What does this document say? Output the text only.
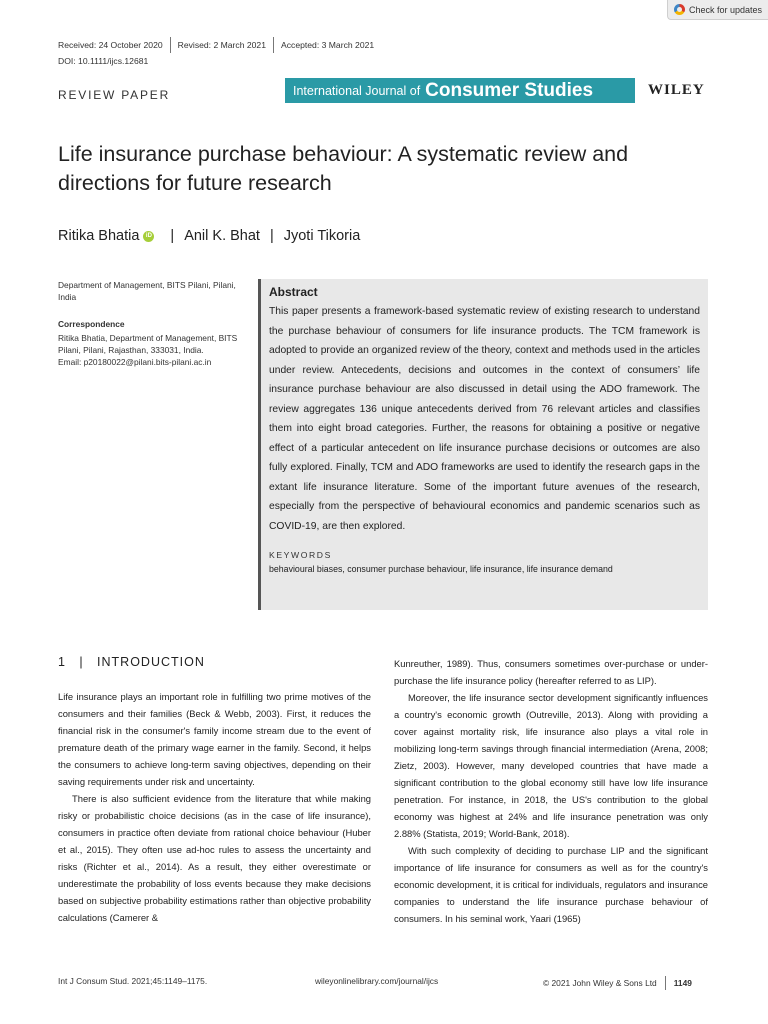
Check for updates
Received: 24 October 2020 Revised: 2 March 2021 Accepted: 3 March 2021
DOI: 10.1111/ijcs.12681
REVIEW PAPER	International Journal of Consumer Studies	WILEY
Life insurance purchase behaviour: A systematic review and directions for future research
Ritika Bhatia	iD | Anil K. Bhat | Jyoti Tikoria
Department of Management, BITS Pilani, Pilani, India
Correspondence
Ritika Bhatia, Department of Management, BITS Pilani, Pilani, Rajasthan, 333031, India.
Email: p20180022@pilani.bits-pilani.ac.in
Abstract
This paper presents a framework-based systematic review of existing research to understand the purchase behaviour of consumers for life insurance products. The TCM framework is adopted to provide an organized review of the theory, context and methods used in the articles under review. Antecedents, decisions and outcomes in the context of consumers’ life insurance purchase behaviour are also discussed in detail using the ADO framework. The review aggregates 136 unique antecedents derived from 76 relevant articles and classifies them into eight broad categories. Further, the reasons for obtaining a positive or negative effect of a particular antecedent on life insurance purchase decisions or outcomes are also fully explored. Finally, TCM and ADO frameworks are used to identify the research gaps in the extant life insurance literature. Some of the important future avenues of the research, especially from the perspective of behavioural economics and pandemic scenarios such as COVID-19, are then explored.
KEYWORDS
behavioural biases, consumer purchase behaviour, life insurance, life insurance demand
1 | INTRODUCTION

Life insurance plays an important role in fulfilling two prime motives of the consumers and their families (Beck & Webb, 2003). First, it reduces the financial risk in the consumer's family income stream due to the event of premature death of the primary wage earner in the family. Second, it helps the consumers to achieve long-term saving objectives, depending on their saving requirements under risk and uncertainty.

There is also sufficient evidence from the literature that while making risky or probabilistic choice decisions (as in the case of life insurance), consumers in practice often deviate from rational choice behaviour (Huber et al., 2015). They often use ad-hoc rules to assess the uncertainty and risks (Richter et al., 2014). As a result, they either overestimate or underestimate the probability of loss events because they make decisions based on subjective probability estimations rather than objective probability calculations (Camerer &

Kunreuther, 1989). Thus, consumers sometimes over-purchase or under-purchase the life insurance policy (hereafter referred to as LIP).

Moreover, the life insurance sector development significantly influences a country's economic growth (Outreville, 2013). Along with providing a cover against mortality risk, life insurance also plays a vital role in mobilizing long-term savings through financial intermediation (Arena, 2008; Zietz, 2003). However, many developed countries that have made a significant contribution to the global economy still have low life insurance penetration. For instance, in 2018, the US's contribution to the global economy was highest at 24% and life insurance penetration was only 2.88% (Statista, 2019; World-Bank, 2018).

With such complexity of deciding to purchase LIP and the significant importance of life insurance for consumers as well as for the country's economic development, it is critical for individuals, regulators and insurance companies to understand the life insurance purchase behaviour of consumers. In his seminal work, Yaari (1965)

Int J Consum Stud. 2021;45:1149–1175.	wileyonlinelibrary.com/journal/ijcs	© 2021 John Wiley & Sons Ltd 1149
